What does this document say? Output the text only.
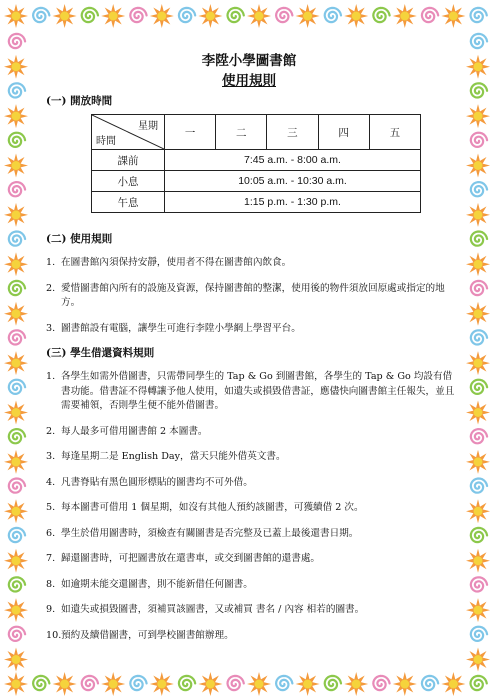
李陞小學圖書館
使用規則
(一) 開放時間
星期
時間	一	二	三	四	五
課前	7:45 a.m. - 8:00 a.m.				
小息	10:05 a.m. - 10:30 a.m.				
午息	1:15 p.m. - 1:30 p.m.				
(二) 使用規則
1. 在圖書館內須保持安靜，使用者不得在圖書館內飲食。
2. 愛惜圖書館內所有的設施及資源，保持圖書館的整潔，使用後的物件須放回原處或指定的地方。
3. 圖書館設有電腦，讓學生可進行李陞小學網上學習平台。
(三) 學生借還資料規則
1. 各學生如需外借圖書，只需帶同學生的 Tap & Go 到圖書館，各學生的 Tap & Go 均設有借書功能。借書証不得轉讓予他人使用，如遺失或損毀借書証，應儘快向圖書館主任報失，並且需要補領，否則學生便不能外借圖書。
2. 每人最多可借用圖書館 2 本圖書。
3. 每逢星期二是 English Day，當天只能外借英文書。
4. 凡書脊貼有黑色圓形標貼的圖書均不可外借。
5. 每本圖書可借用 1 個星期，如沒有其他人預約該圖書，可獲續借 2 次。
6. 學生於借用圖書時，須檢查有關圖書是否完整及已蓋上最後還書日期。
7. 歸還圖書時，可把圖書放在還書車，或交到圖書館的還書處。
8. 如逾期未能交還圖書，則不能新借任何圖書。
9. 如遺失或損毀圖書，須補買該圖書，又或補買 書名 / 內容 相若的圖書。
10. 預約及續借圖書，可到學校圖書館辦理。
